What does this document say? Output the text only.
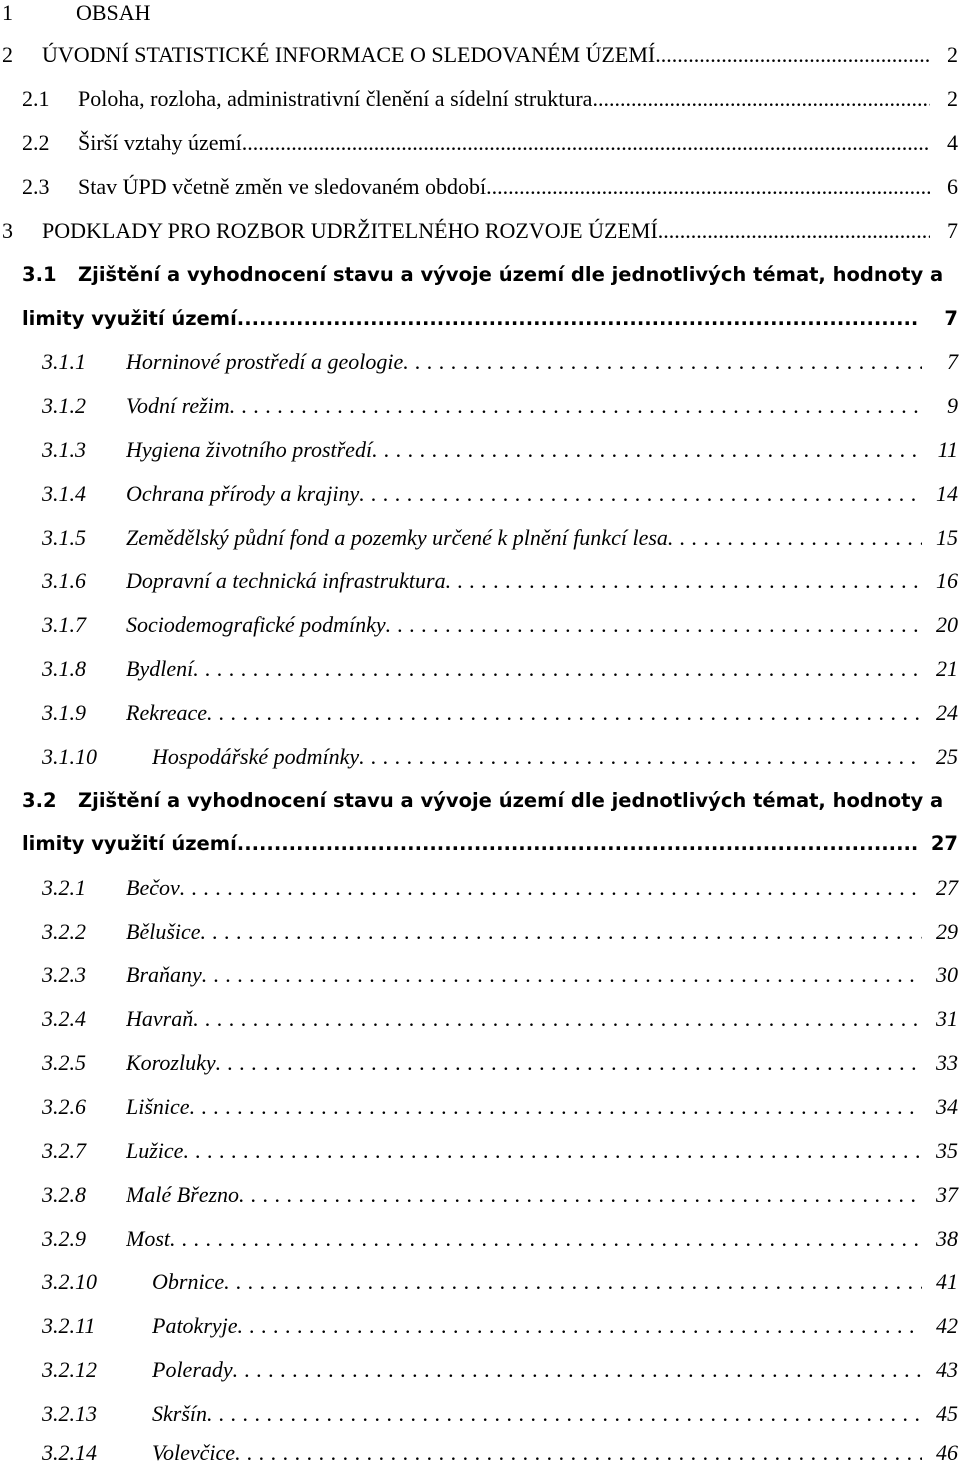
1	OBSAH
2 ÚVODNÍ STATISTICKÉ INFORMACE O SLEDOVANÉM ÚZEMÍ .....	2
2.1 Poloha, rozloha, administrativní členění a sídelní struktura .....	2
2.2 Širší vztahy území .....	4
2.3 Stav ÚPD včetně změn ve sledovaném období .....	6
3 PODKLADY PRO ROZBOR UDRŽITELNÉHO ROZVOJE ÚZEMÍ .....	7
3.1 Zjištění a vyhodnocení stavu a vývoje území dle jednotlivých témat, hodnoty a
limity využití území .....	7
3.1.1 Horninové prostředí a geologie . . .	7
3.1.2 Vodní režim . . .	9
3.1.3 Hygiena životního prostředí . . .	11
3.1.4 Ochrana přírody a krajiny . . .	14
3.1.5 Zemědělský půdní fond a pozemky určené k plnění funkcí lesa . . .	15
3.1.6 Dopravní a technická infrastruktura . . .	16
3.1.7 Sociodemografické podmínky . . .	20
3.1.8 Bydlení . . .	21
3.1.9 Rekreace . . .	24
3.1.10	Hospodářské podmínky . . .	25
3.2 Zjištění a vyhodnocení stavu a vývoje území dle jednotlivých témat, hodnoty a
limity využití území .....	27
3.2.1 Bečov . . .	27
3.2.2 Bělušice . . .	29
3.2.3 Braňany . . .	30
3.2.4 Havraň . . .	31
3.2.5 Korozluky . . .	33
3.2.6 Lišnice . . .	34
3.2.7 Lužice . . .	35
3.2.8 Malé Březno . . .	37
3.2.9 Most . . .	38
3.2.10	Obrnice . . .	41
3.2.11	Patokryje . . .	42
3.2.12	Polerady . . .	43
3.2.13	Skršín . . .	45
3.2.14	Volevčice . . .	46
